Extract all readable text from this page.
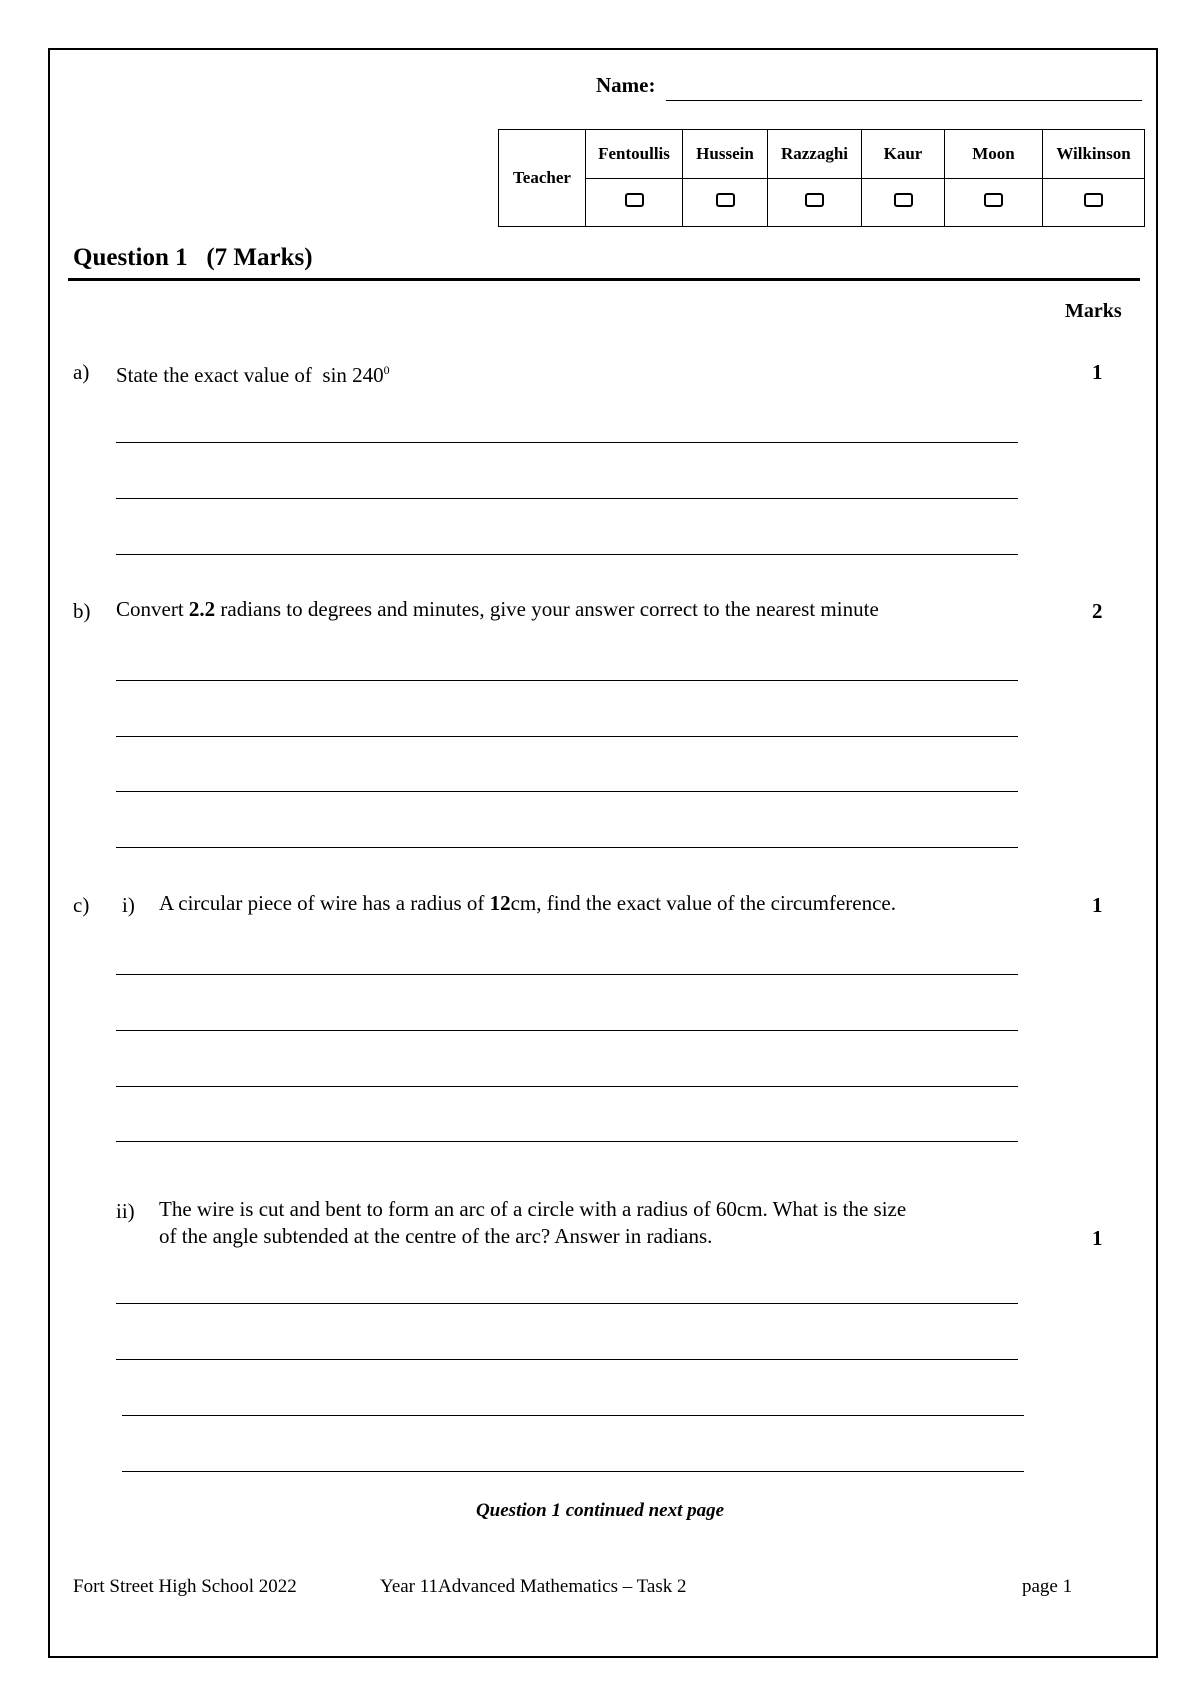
Name:
Teacher	Fentoullis	Hussein	Razzaghi	Kaur	Moon	Wilkinson

Question 1   (7 Marks)
Marks
a) State the exact value of  $\sin 240^0$	1
b) Convert 2.2 radians to degrees and minutes, give your answer correct to the nearest minute	2
c) i) A circular piece of wire has a radius of 12cm, find the exact value of the circumference.	1
ii) The wire is cut and bent to form an arc of a circle with a radius of 60cm. What is the size
of the angle subtended at the centre of the arc? Answer in radians.	1
Question 1 continued next page
Fort Street High School 2022	Year 11Advanced Mathematics – Task 2	page 1
